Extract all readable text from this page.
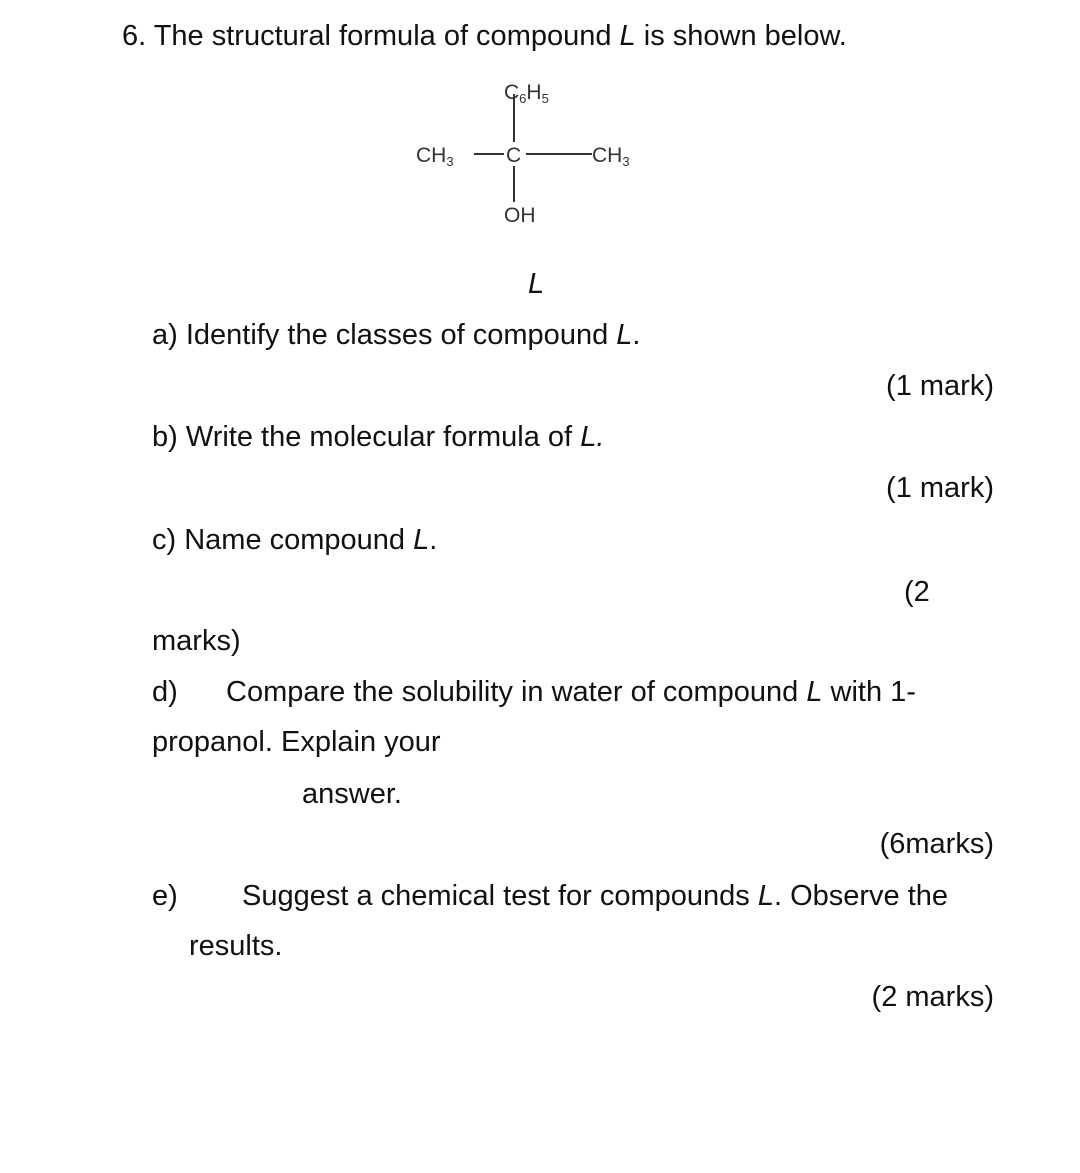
6. The structural formula of compound L is shown below.
C6H5
CH3 C	CH3
OH
L
a) Identify the classes of compound L.
(1 mark)
b) Write the molecular formula of L.
(1 mark)
c) Name compound L.
(2
marks)
d) Compare the solubility in water of compound L with 1-
propanol. Explain your
answer.
(6marks)
e) Suggest a chemical test for compounds L. Observe the
results.
(2 marks)
